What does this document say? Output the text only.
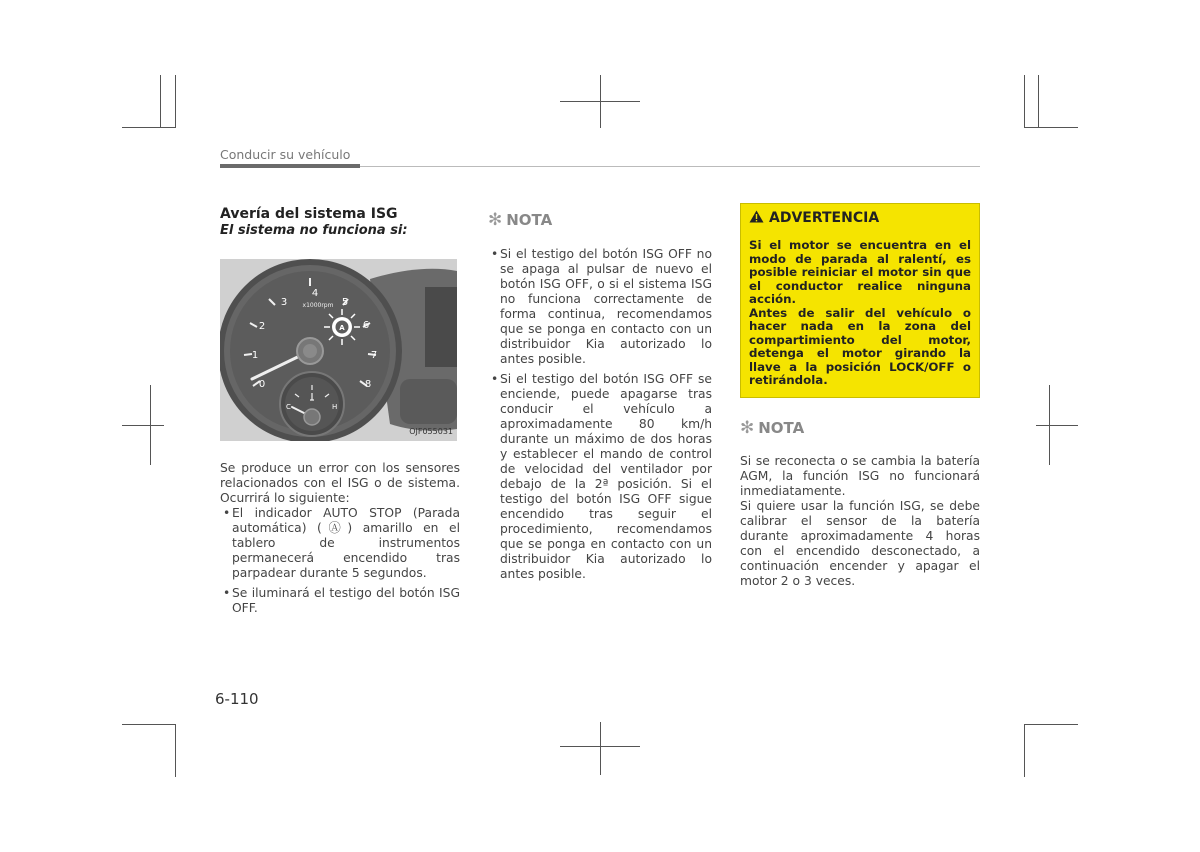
Conducir su vehículo
Avería del sistema ISG
El sistema no funciona si:
0
1
2
3
4
5
6
7
8
x1000rpm
A
C	H
OJF055031

Se produce un error con los sensores relacionados con el ISG o de sistema. Ocurrirá lo siguiente:

• El indicador AUTO STOP (Parada automática) (Ⓐ) amarillo en el tablero de instrumentos permanecerá encendido tras parpadear durante 5 segundos.
• Se iluminará el testigo del botón ISG OFF.
✻ NOTA
• Si el testigo del botón ISG OFF no se apaga al pulsar de nuevo el botón ISG OFF, o si el sistema ISG no funciona correctamente de forma continua, recomendamos que se ponga en contacto con un distribuidor Kia autorizado lo antes posible.
• Si el testigo del botón ISG OFF se enciende, puede apagarse tras conducir el vehículo a aproximadamente 80 km/h durante un máximo de dos horas y establecer el mando de control de velocidad del ventilador por debajo de la 2ª posición. Si el testigo del botón ISG OFF sigue encendido tras seguir el procedimiento, recomendamos que se ponga en contacto con un distribuidor Kia autorizado lo antes posible.
ADVERTENCIA

Si el motor se encuentra en el modo de parada al ralentí, es posible reiniciar el motor sin que el conductor realice ninguna acción.

Antes de salir del vehículo o hacer nada en la zona del compartimiento del motor, detenga el motor girando la llave a la posición LOCK/OFF o retirándola.

✻ NOTA

Si se reconecta o se cambia la batería AGM, la función ISG no funcionará inmediatamente.

Si quiere usar la función ISG, se debe calibrar el sensor de la batería durante aproximadamente 4 horas con el encendido desconectado, a continuación encender y apagar el motor 2 o 3 veces.

6-110
